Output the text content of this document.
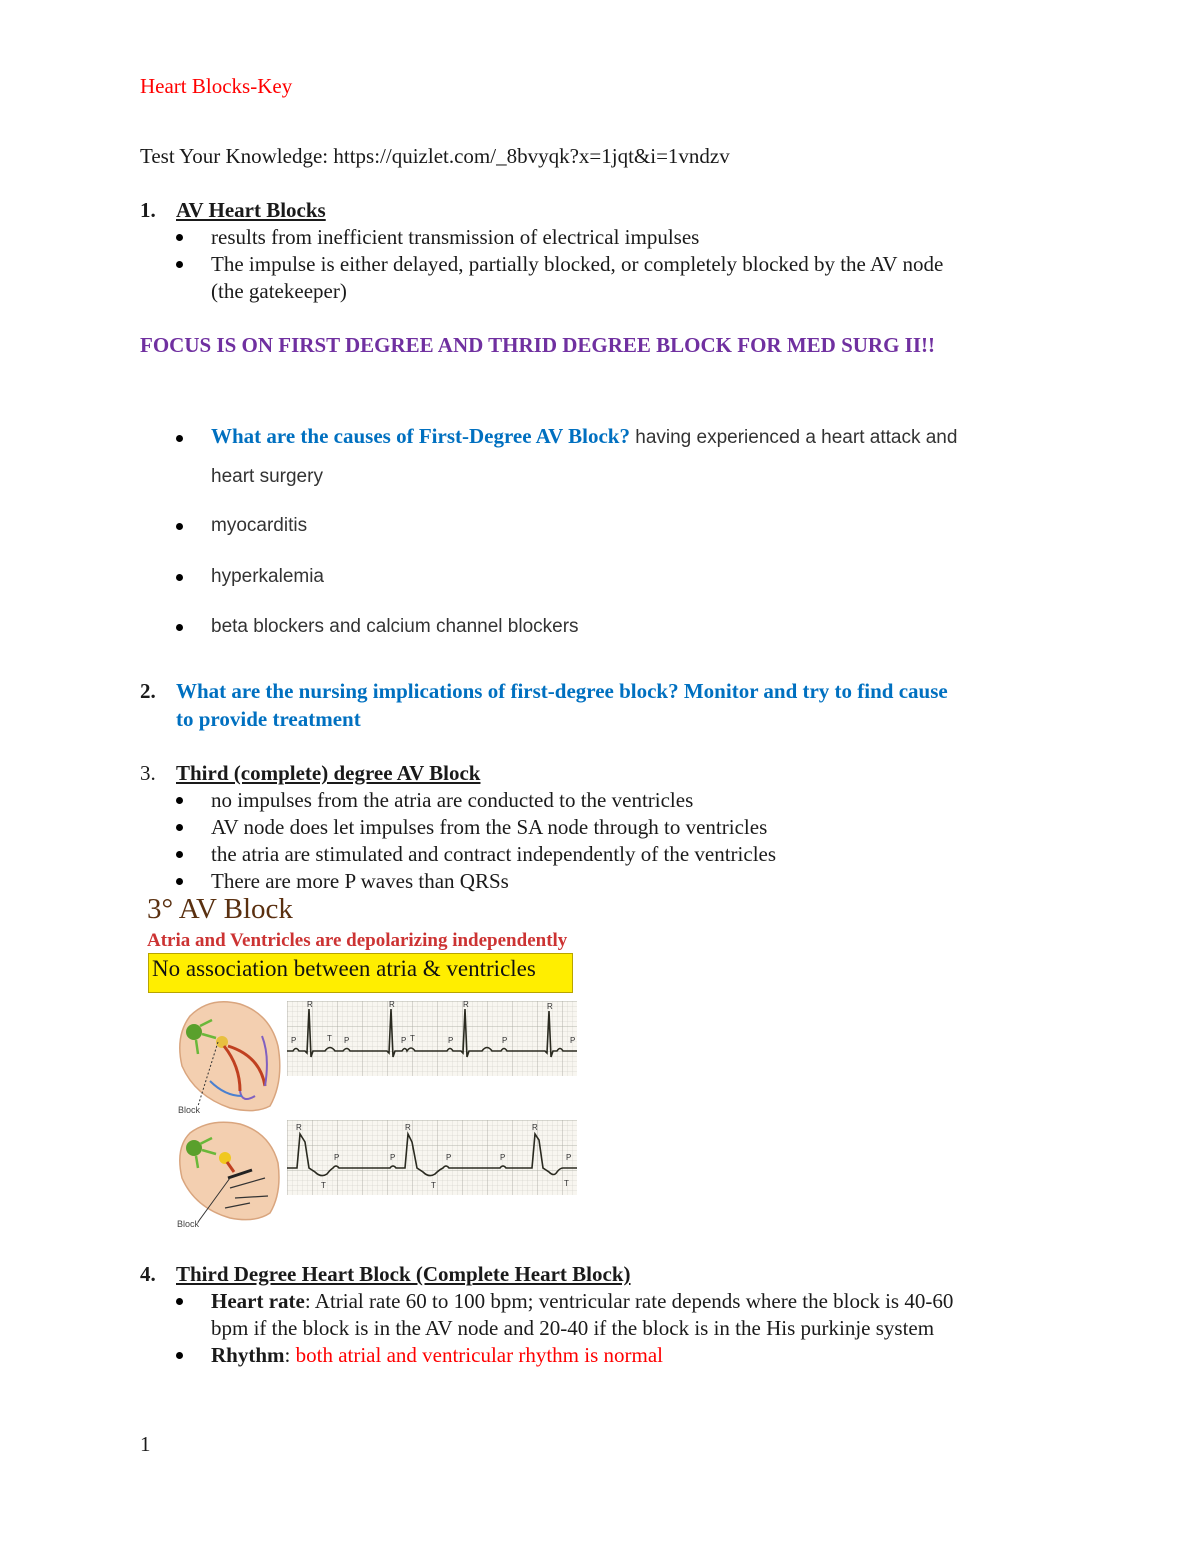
Heart Blocks-Key
Test Your Knowledge: https://quizlet.com/_8bvyqk?x=1jqt&i=1vndzv
1. AV Heart Blocks
results from inefficient transmission of electrical impulses
The impulse is either delayed, partially blocked, or completely blocked by the AV node
(the gatekeeper)
FOCUS IS ON FIRST DEGREE AND THRID DEGREE BLOCK FOR MED SURG II!!
What are the causes of First-Degree AV Block? having experienced a heart attack and
heart surgery
myocarditis
hyperkalemia
beta blockers and calcium channel blockers
2. What are the nursing implications of first-degree block? Monitor and try to find cause
to provide treatment
3. Third (complete) degree AV Block
no impulses from the atria are conducted to the ventricles
AV node does let impulses from the SA node through to ventricles
the atria are stimulated and contract independently of the ventricles
There are more P waves than QRSs
3° AV Block
Atria and Ventricles are depolarizing independently
No association between atria & ventricles
Block
P
R
T P
R
P T	P
R
P
R
P
Block
R
T
P	P
R
T
P	P
R
P
T
4. Third Degree Heart Block (Complete Heart Block)
Heart rate: Atrial rate 60 to 100 bpm; ventricular rate depends where the block is 40-60
bpm if the block is in the AV node and 20-40 if the block is in the His purkinje system
Rhythm: both atrial and ventricular rhythm is normal
1
